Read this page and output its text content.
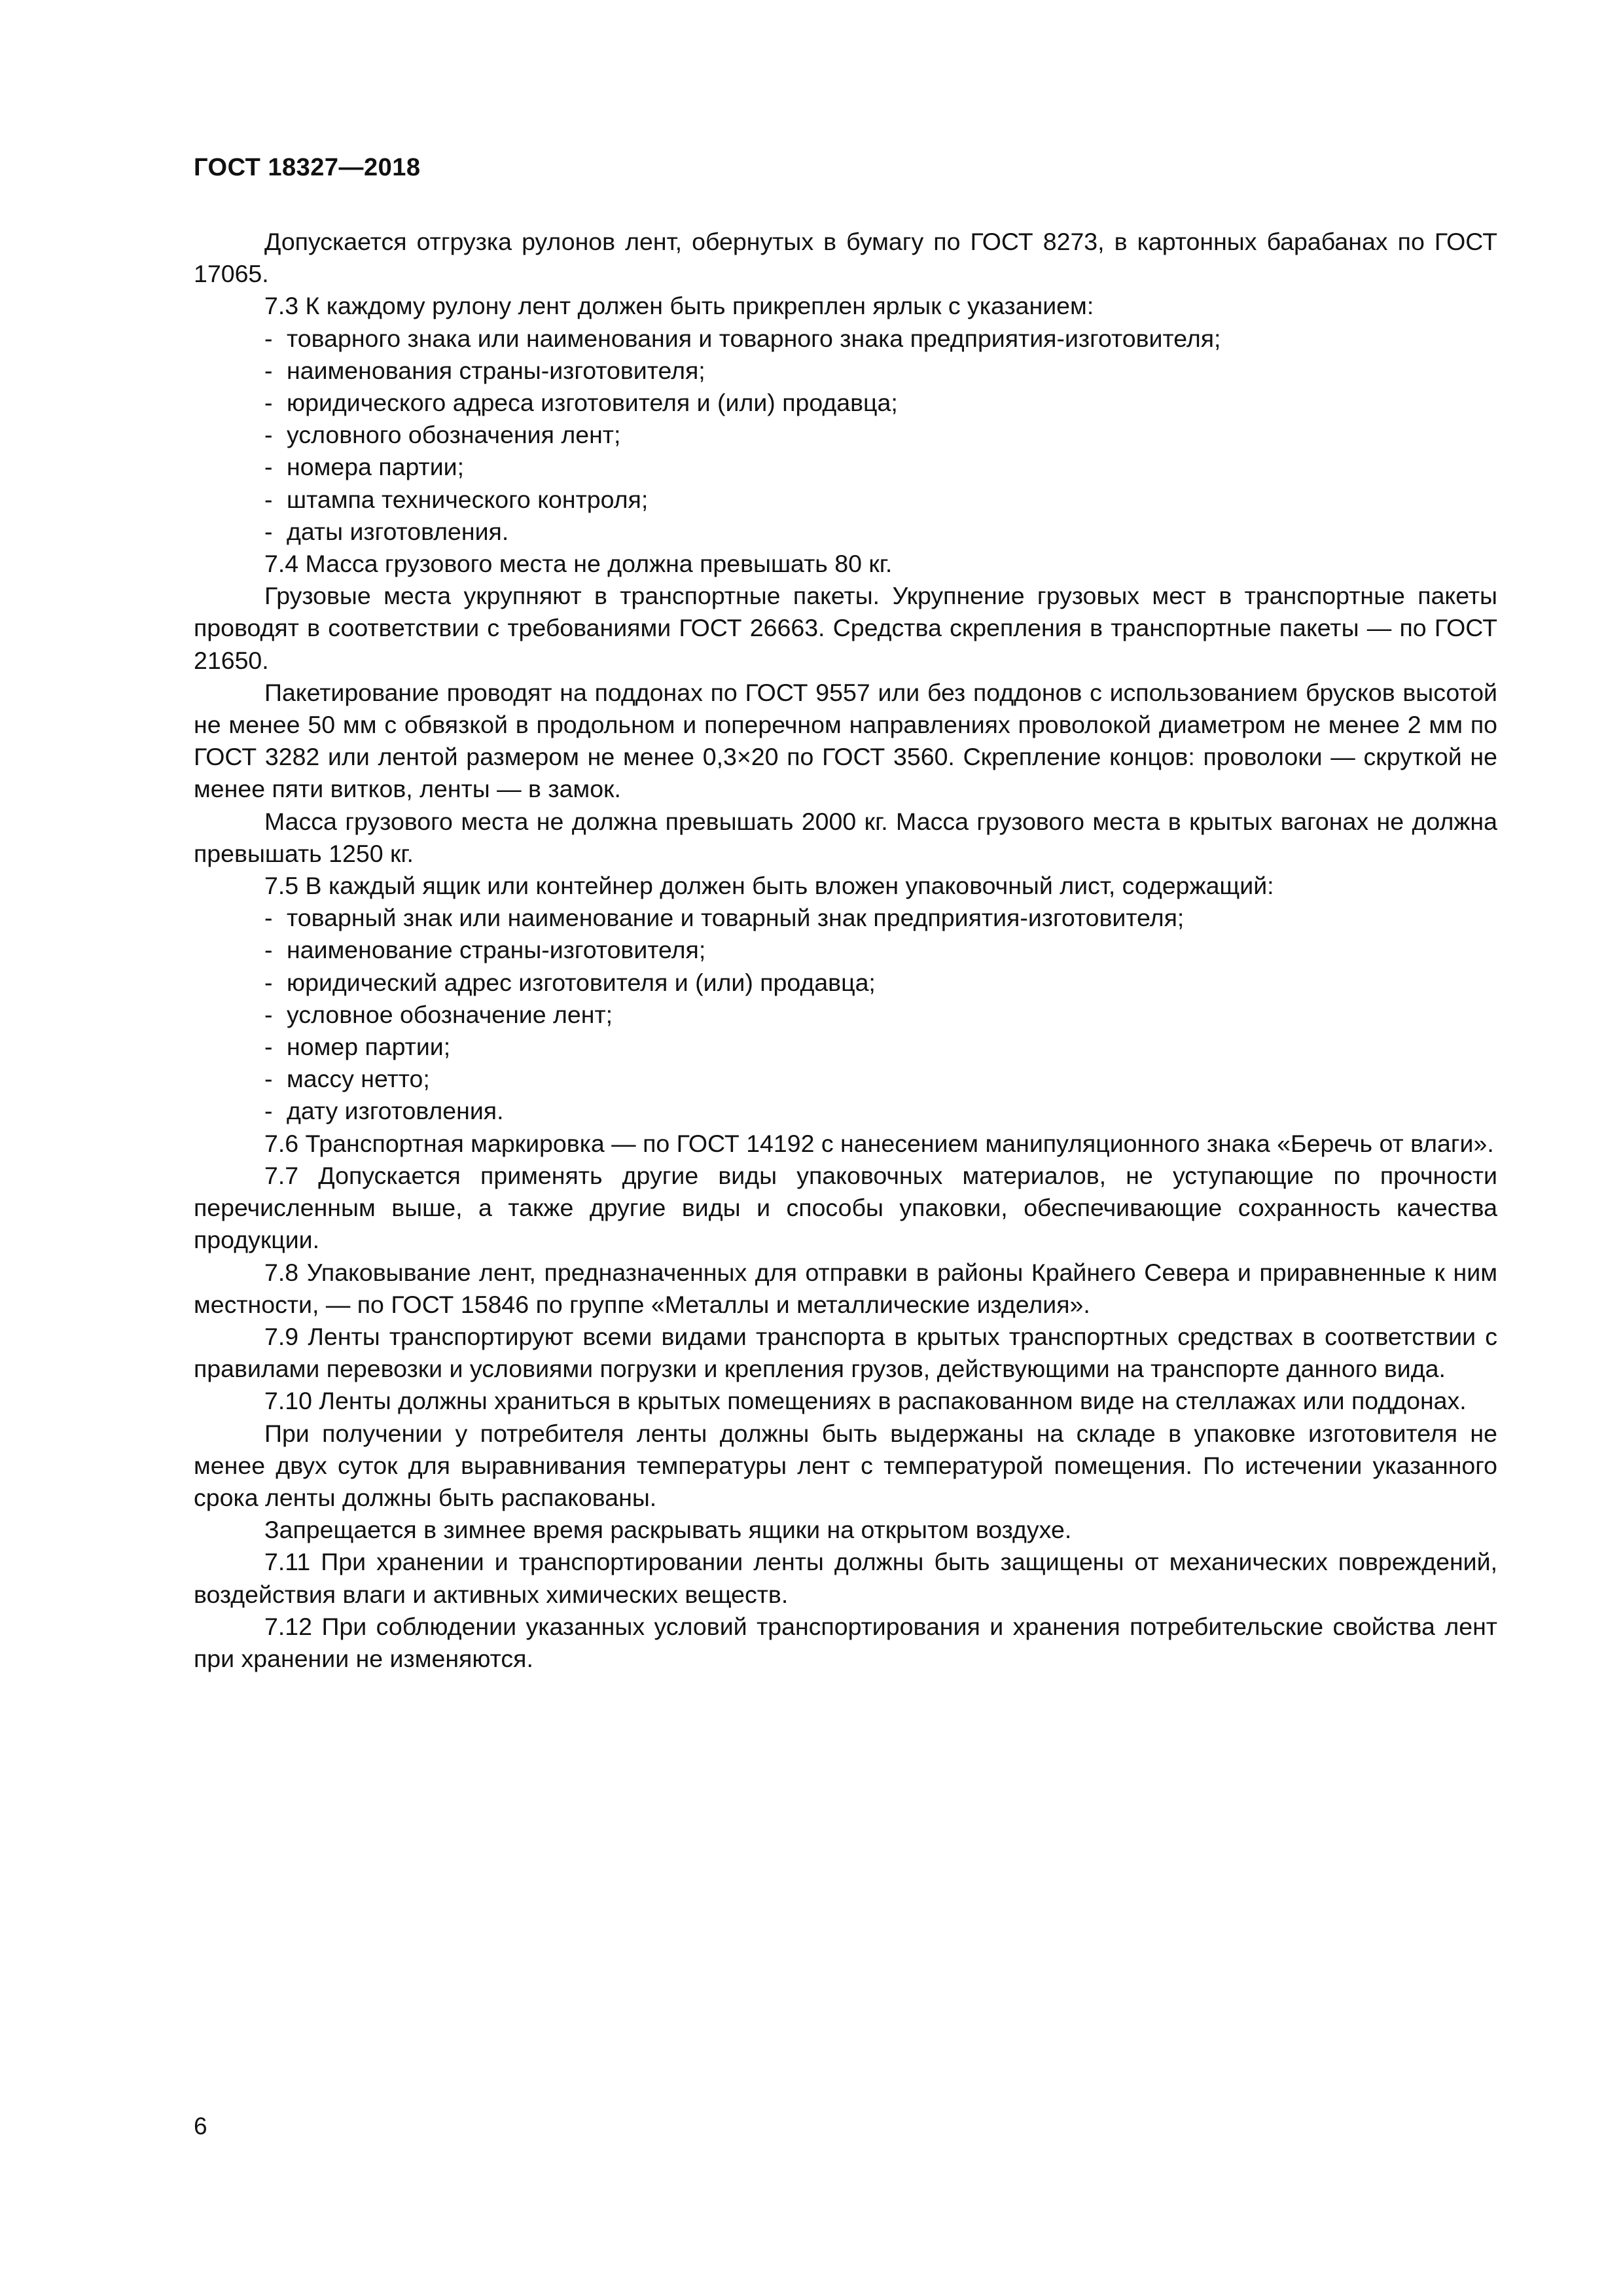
ГОСТ 18327—2018

Допускается отгрузка рулонов лент, обернутых в бумагу по ГОСТ 8273, в картонных барабанах по ГОСТ 17065.

7.3 К каждому рулону лент должен быть прикреплен ярлык с указанием:

- товарного знака или наименования и товарного знака предприятия-изготовителя;

- наименования страны-изготовителя;

- юридического адреса изготовителя и (или) продавца;

- условного обозначения лент;

- номера партии;

- штампа технического контроля;

- даты изготовления.

7.4 Масса грузового места не должна превышать 80 кг.

Грузовые места укрупняют в транспортные пакеты. Укрупнение грузовых мест в транспортные пакеты проводят в соответствии с требованиями ГОСТ 26663. Средства скрепления в транспортные пакеты — по ГОСТ 21650.

Пакетирование проводят на поддонах по ГОСТ 9557 или без поддонов с использованием брусков высотой не менее 50 мм с обвязкой в продольном и поперечном направлениях проволокой диаметром не менее 2 мм по ГОСТ 3282 или лентой размером не менее 0,3×20 по ГОСТ 3560. Скрепление концов: проволоки — скруткой не менее пяти витков, ленты — в замок.

Масса грузового места не должна превышать 2000 кг. Масса грузового места в крытых вагонах не должна превышать 1250 кг.

7.5 В каждый ящик или контейнер должен быть вложен упаковочный лист, содержащий:

- товарный знак или наименование и товарный знак предприятия-изготовителя;

- наименование страны-изготовителя;

- юридический адрес изготовителя и (или) продавца;

- условное обозначение лент;

- номер партии;

- массу нетто;

- дату изготовления.

7.6 Транспортная маркировка — по ГОСТ 14192 с нанесением манипуляционного знака «Беречь от влаги».

7.7 Допускается применять другие виды упаковочных материалов, не уступающие по прочности перечисленным выше, а также другие виды и способы упаковки, обеспечивающие сохранность качества продукции.

7.8 Упаковывание лент, предназначенных для отправки в районы Крайнего Севера и приравненные к ним местности, — по ГОСТ 15846 по группе «Металлы и металлические изделия».

7.9 Ленты транспортируют всеми видами транспорта в крытых транспортных средствах в соответствии с правилами перевозки и условиями погрузки и крепления грузов, действующими на транспорте данного вида.

7.10 Ленты должны храниться в крытых помещениях в распакованном виде на стеллажах или поддонах.

При получении у потребителя ленты должны быть выдержаны на складе в упаковке изготовителя не менее двух суток для выравнивания температуры лент с температурой помещения. По истечении указанного срока ленты должны быть распакованы.

Запрещается в зимнее время раскрывать ящики на открытом воздухе.

7.11 При хранении и транспортировании ленты должны быть защищены от механических повреждений, воздействия влаги и активных химических веществ.

7.12 При соблюдении указанных условий транспортирования и хранения потребительские свойства лент при хранении не изменяются.

6
